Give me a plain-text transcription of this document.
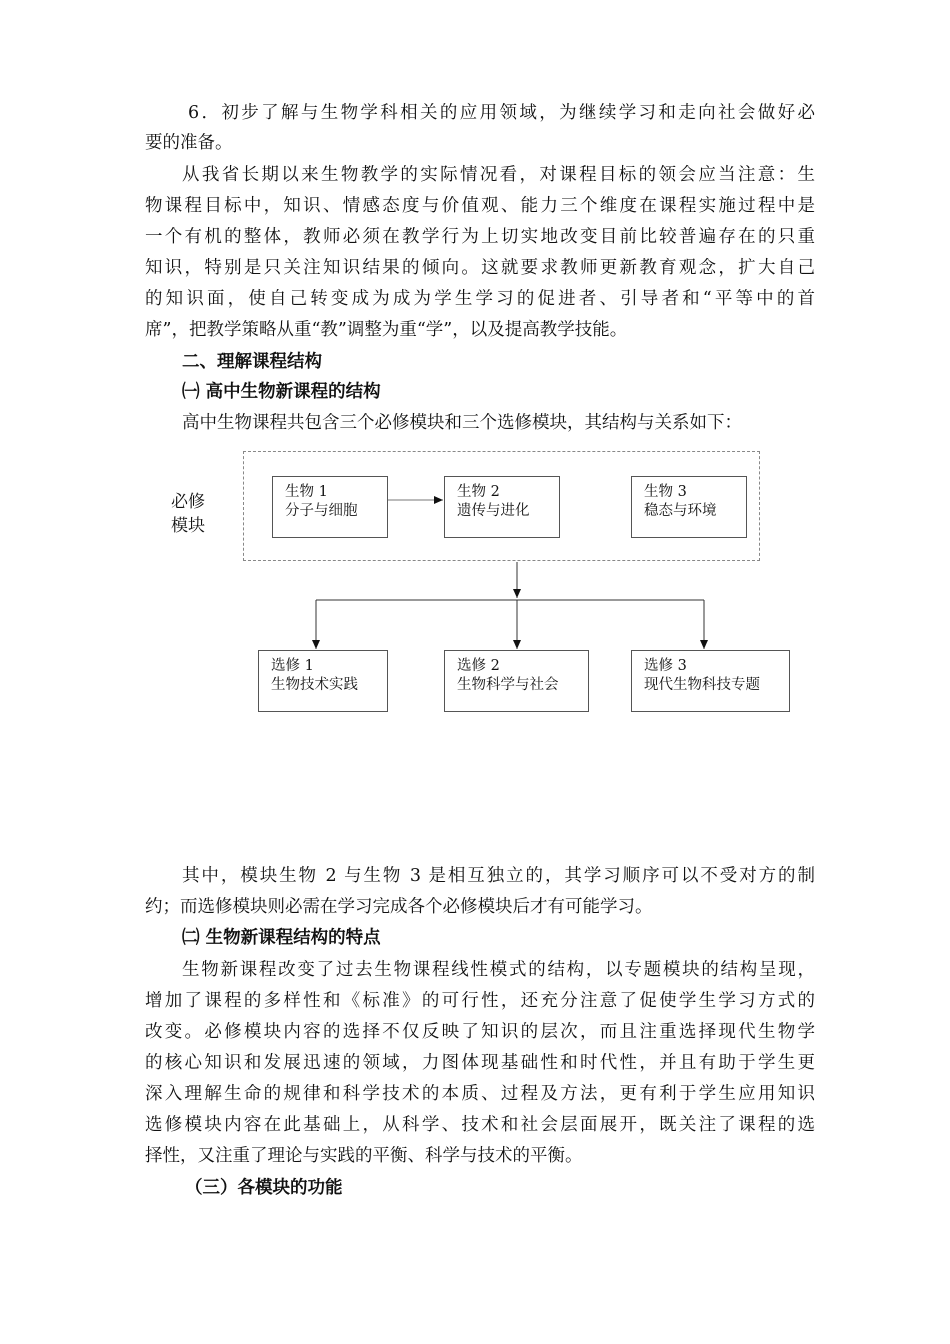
6．初步了解与生物学科相关的应用领域，为继续学习和走向社会做好必
要的准备。
从我省长期以来生物教学的实际情况看，对课程目标的领会应当注意：生
物课程目标中，知识、情感态度与价值观、能力三个维度在课程实施过程中是
一个有机的整体，教师必须在教学行为上切实地改变目前比较普遍存在的只重
知识，特别是只关注知识结果的倾向。这就要求教师更新教育观念，扩大自己
的知识面，使自己转变成为成为学生学习的促进者、引导者和“平等中的首
席”，把教学策略从重“教”调整为重“学”，以及提高教学技能。
二、理解课程结构
㈠ 高中生物新课程的结构
高中生物课程共包含三个必修模块和三个选修模块，其结构与关系如下：
必修
模块
生物 1
分子与细胞
生物 2
遗传与进化
生物 3
稳态与环境
选修 1
生物技术实践
选修 2
生物科学与社会
选修 3
现代生物科技专题
其中，模块生物 2 与生物 3 是相互独立的，其学习顺序可以不受对方的制
约；而选修模块则必需在学习完成各个必修模块后才有可能学习。
㈡ 生物新课程结构的特点
生物新课程改变了过去生物课程线性模式的结构，以专题模块的结构呈现，
增加了课程的多样性和《标准》的可行性，还充分注意了促使学生学习方式的
改变。必修模块内容的选择不仅反映了知识的层次，而且注重选择现代生物学
的核心知识和发展迅速的领域，力图体现基础性和时代性，并且有助于学生更
深入理解生命的规律和科学技术的本质、过程及方法，更有利于学生应用知识
选修模块内容在此基础上，从科学、技术和社会层面展开，既关注了课程的选
择性，又注重了理论与实践的平衡、科学与技术的平衡。
（三）各模块的功能
